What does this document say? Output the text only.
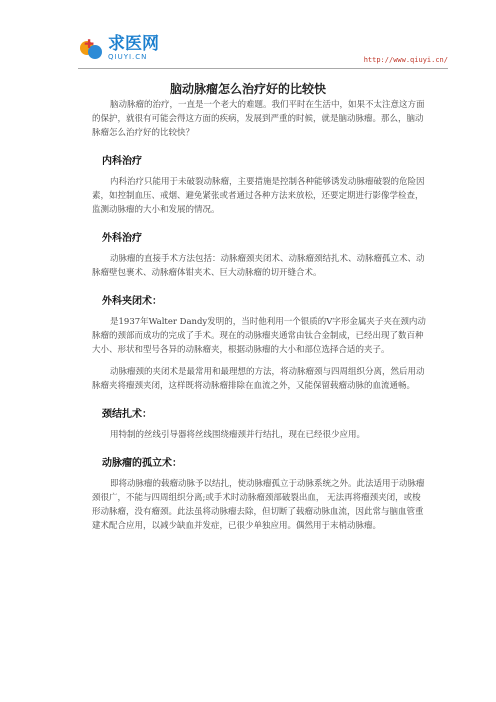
✚ 求医网
QIUYI.CN	http://www.qiuyi.cn/
脑动脉瘤怎么治疗好的比较快

脑动脉瘤的治疗，一直是一个老大的难题。我们平时在生活中，如果不太注意这方面的保护，就很有可能会得这方面的疾病，发展到严重的时候，就是脑动脉瘤。那么，脑动脉瘤怎么治疗好的比较快？

内科治疗

内科治疗只能用于未破裂动脉瘤，主要措施是控制各种能够诱发动脉瘤破裂的危险因素，如控制血压、戒烟、避免紧张或者通过各种方法来放松，还要定期进行影像学检查，监测动脉瘤的大小和发展的情况。

外科治疗

动脉瘤的直接手术方法包括：动脉瘤颈夹闭术、动脉瘤颈结扎术、动脉瘤孤立术、动脉瘤壁包裹术、动脉瘤体钳夹术、巨大动脉瘤的切开缝合术。

外科夹闭术：

是1937年Walter Dandy发明的，当时他利用一个银质的V字形金属夹子夹在颈内动脉瘤的颈部而成功的完成了手术。现在的动脉瘤夹通常由钛合金制成，已经出现了数百种大小、形状和型号各异的动脉瘤夹，根据动脉瘤的大小和部位选择合适的夹子。

动脉瘤颈的夹闭术是最常用和最理想的方法，将动脉瘤颈与四周组织分离，然后用动脉瘤夹将瘤颈夹闭，这样既将动脉瘤排除在血流之外，又能保留载瘤动脉的血流通畅。

颈结扎术：

用特制的丝线引导器将丝线围绕瘤颈并行结扎，现在已经很少应用。

动脉瘤的孤立术：

即将动脉瘤的载瘤动脉予以结扎，使动脉瘤孤立于动脉系统之外。此法适用于动脉瘤颈很广，不能与四周组织分离;或手术时动脉瘤颈部破裂出血， 无法再将瘤颈夹闭，或梭形动脉瘤，没有瘤颈。此法虽将动脉瘤去除，但切断了载瘤动脉血流，因此常与脑血管重建术配合应用，以减少缺血并发症，已很少单独应用。偶然用于末梢动脉瘤。
